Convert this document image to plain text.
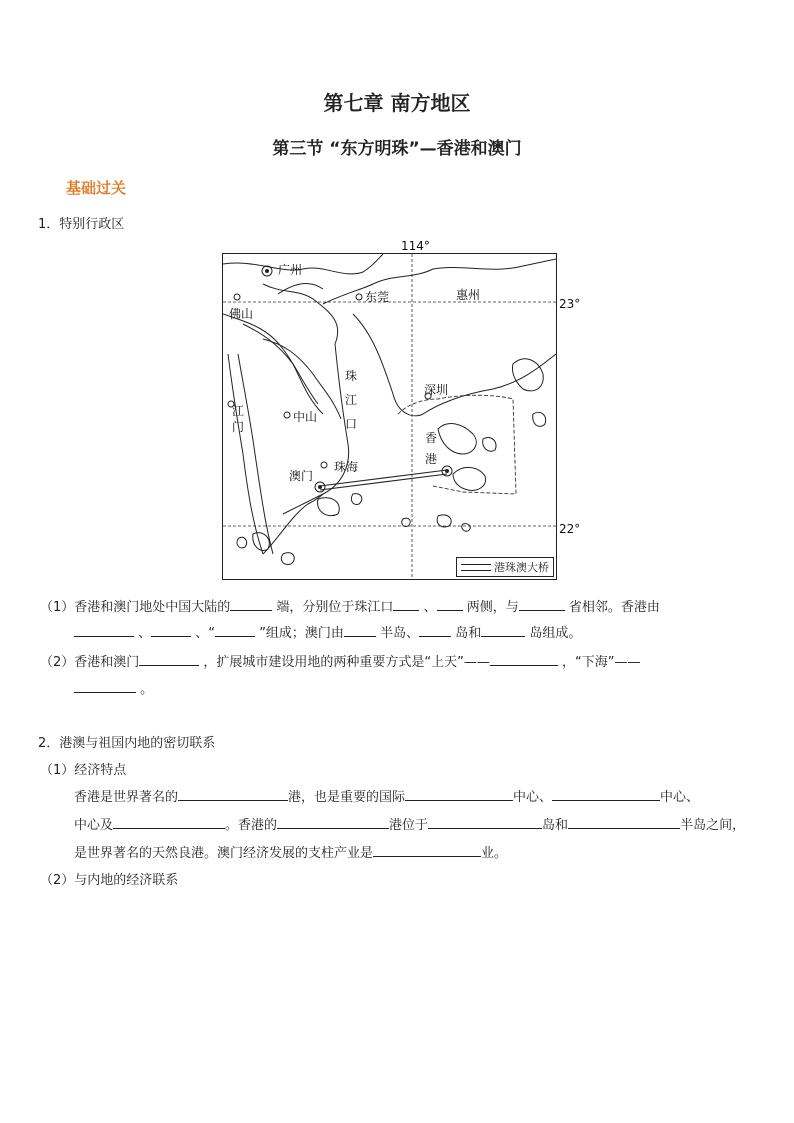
第七章 南方地区
第三节 “东方明珠”—香港和澳门
基础过关
1．特别行政区
114°
23°
22°
广州
东莞	惠州
佛山
珠
江
口
深圳
江
门
中山
香
港
珠海
澳门
港珠澳大桥
（1）香港和澳门地处中国大陆的	端，分别位于珠江口 、 两侧，与	省相邻。香港由
、	、“	”组成；澳门由	半岛、	岛和	岛组成。
（2）香港和澳门	，扩展城市建设用地的两种重要方式是“上天”——	，“下海”——
。
2．港澳与祖国内地的密切联系
（1）经济特点
香港是世界著名的	港，也是重要的国际	中心、	中心、
中心及	。香港的	港位于	岛和	半岛之间，
是世界著名的天然良港。澳门经济发展的支柱产业是	业。
（2）与内地的经济联系
